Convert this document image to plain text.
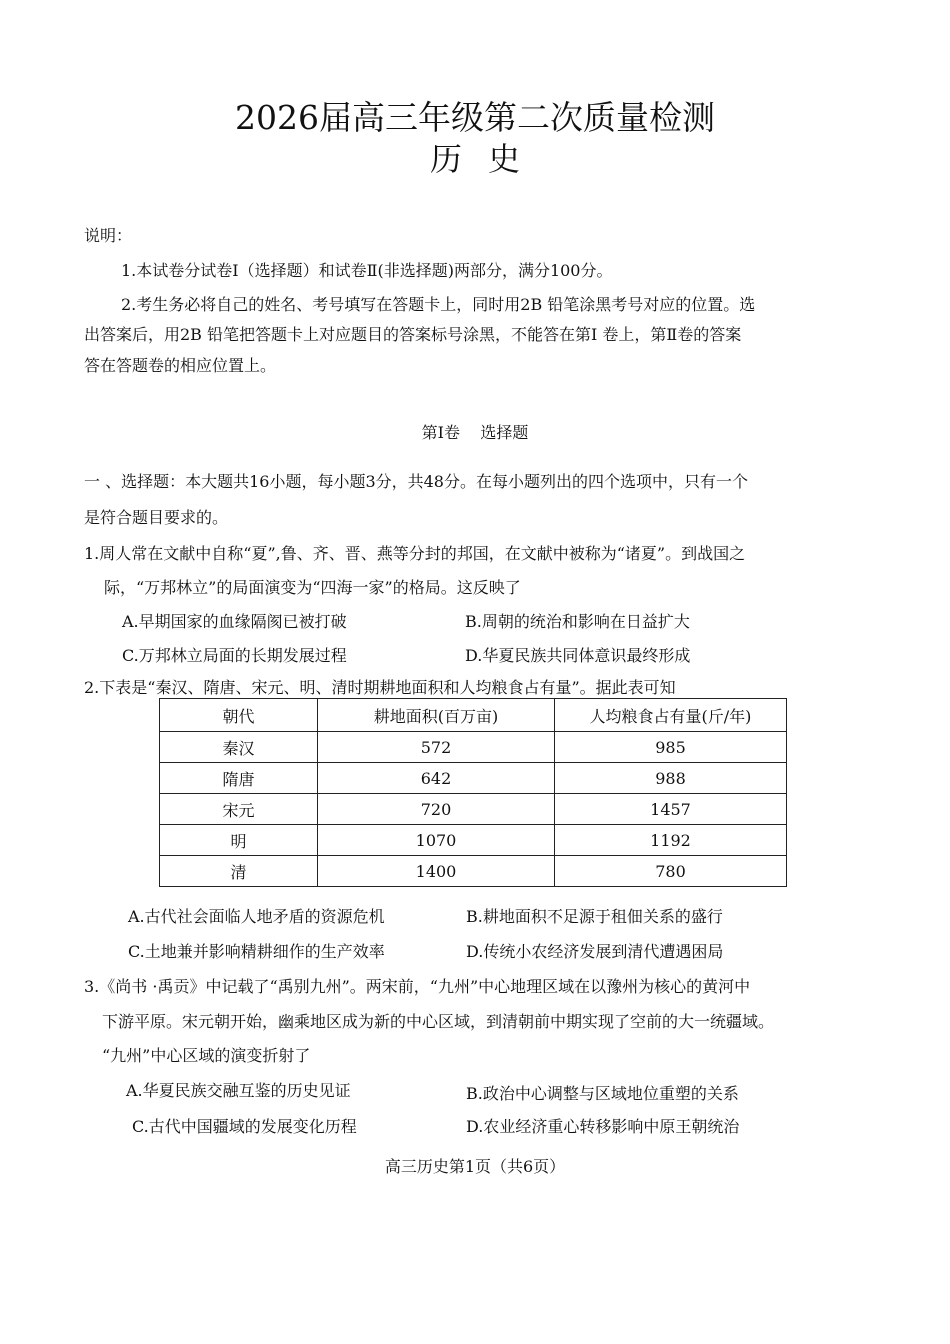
2026届高三年级第二次质量检测
历史
说明：
1.本试卷分试卷Ⅰ（选择题）和试卷Ⅱ(非选择题)两部分，满分100分。
2.考生务必将自己的姓名、考号填写在答题卡上，同时用2B 铅笔涂黑考号对应的位置。选
出答案后，用2B 铅笔把答题卡上对应题目的答案标号涂黑，不能答在第Ⅰ 卷上，第Ⅱ卷的答案
答在答题卷的相应位置上。
第Ⅰ卷    选择题
一 、选择题：本大题共16小题，每小题3分，共48分。在每小题列出的四个选项中，只有一个
是符合题目要求的。
1.周人常在文献中自称“夏”,鲁、齐、晋、燕等分封的邦国，在文献中被称为“诸夏”。到战国之
际，“万邦林立”的局面演变为“四海一家”的格局。这反映了
A.早期国家的血缘隔阂已被打破	B.周朝的统治和影响在日益扩大
C.万邦林立局面的长期发展过程	D.华夏民族共同体意识最终形成
2.下表是“秦汉、隋唐、宋元、明、清时期耕地面积和人均粮食占有量”。据此表可知
朝代	耕地面积(百万亩)	人均粮食占有量(斤/年)
秦汉	572	985
隋唐	642	988
宋元	720	1457
明	1070	1192
清	1400	780
A.古代社会面临人地矛盾的资源危机	B.耕地面积不足源于租佃关系的盛行
C.土地兼并影响精耕细作的生产效率	D.传统小农经济发展到清代遭遇困局
3.《尚书 ·禹贡》中记载了“禹别九州”。两宋前，“九州”中心地理区域在以豫州为核心的黄河中
下游平原。宋元朝开始，幽乘地区成为新的中心区域，到清朝前中期实现了空前的大一统疆域。
“九州”中心区域的演变折射了
A.华夏民族交融互鉴的历史见证	B.政治中心调整与区域地位重塑的关系
C.古代中国疆域的发展变化历程	D.农业经济重心转移影响中原王朝统治
高三历史第1页（共6页）
